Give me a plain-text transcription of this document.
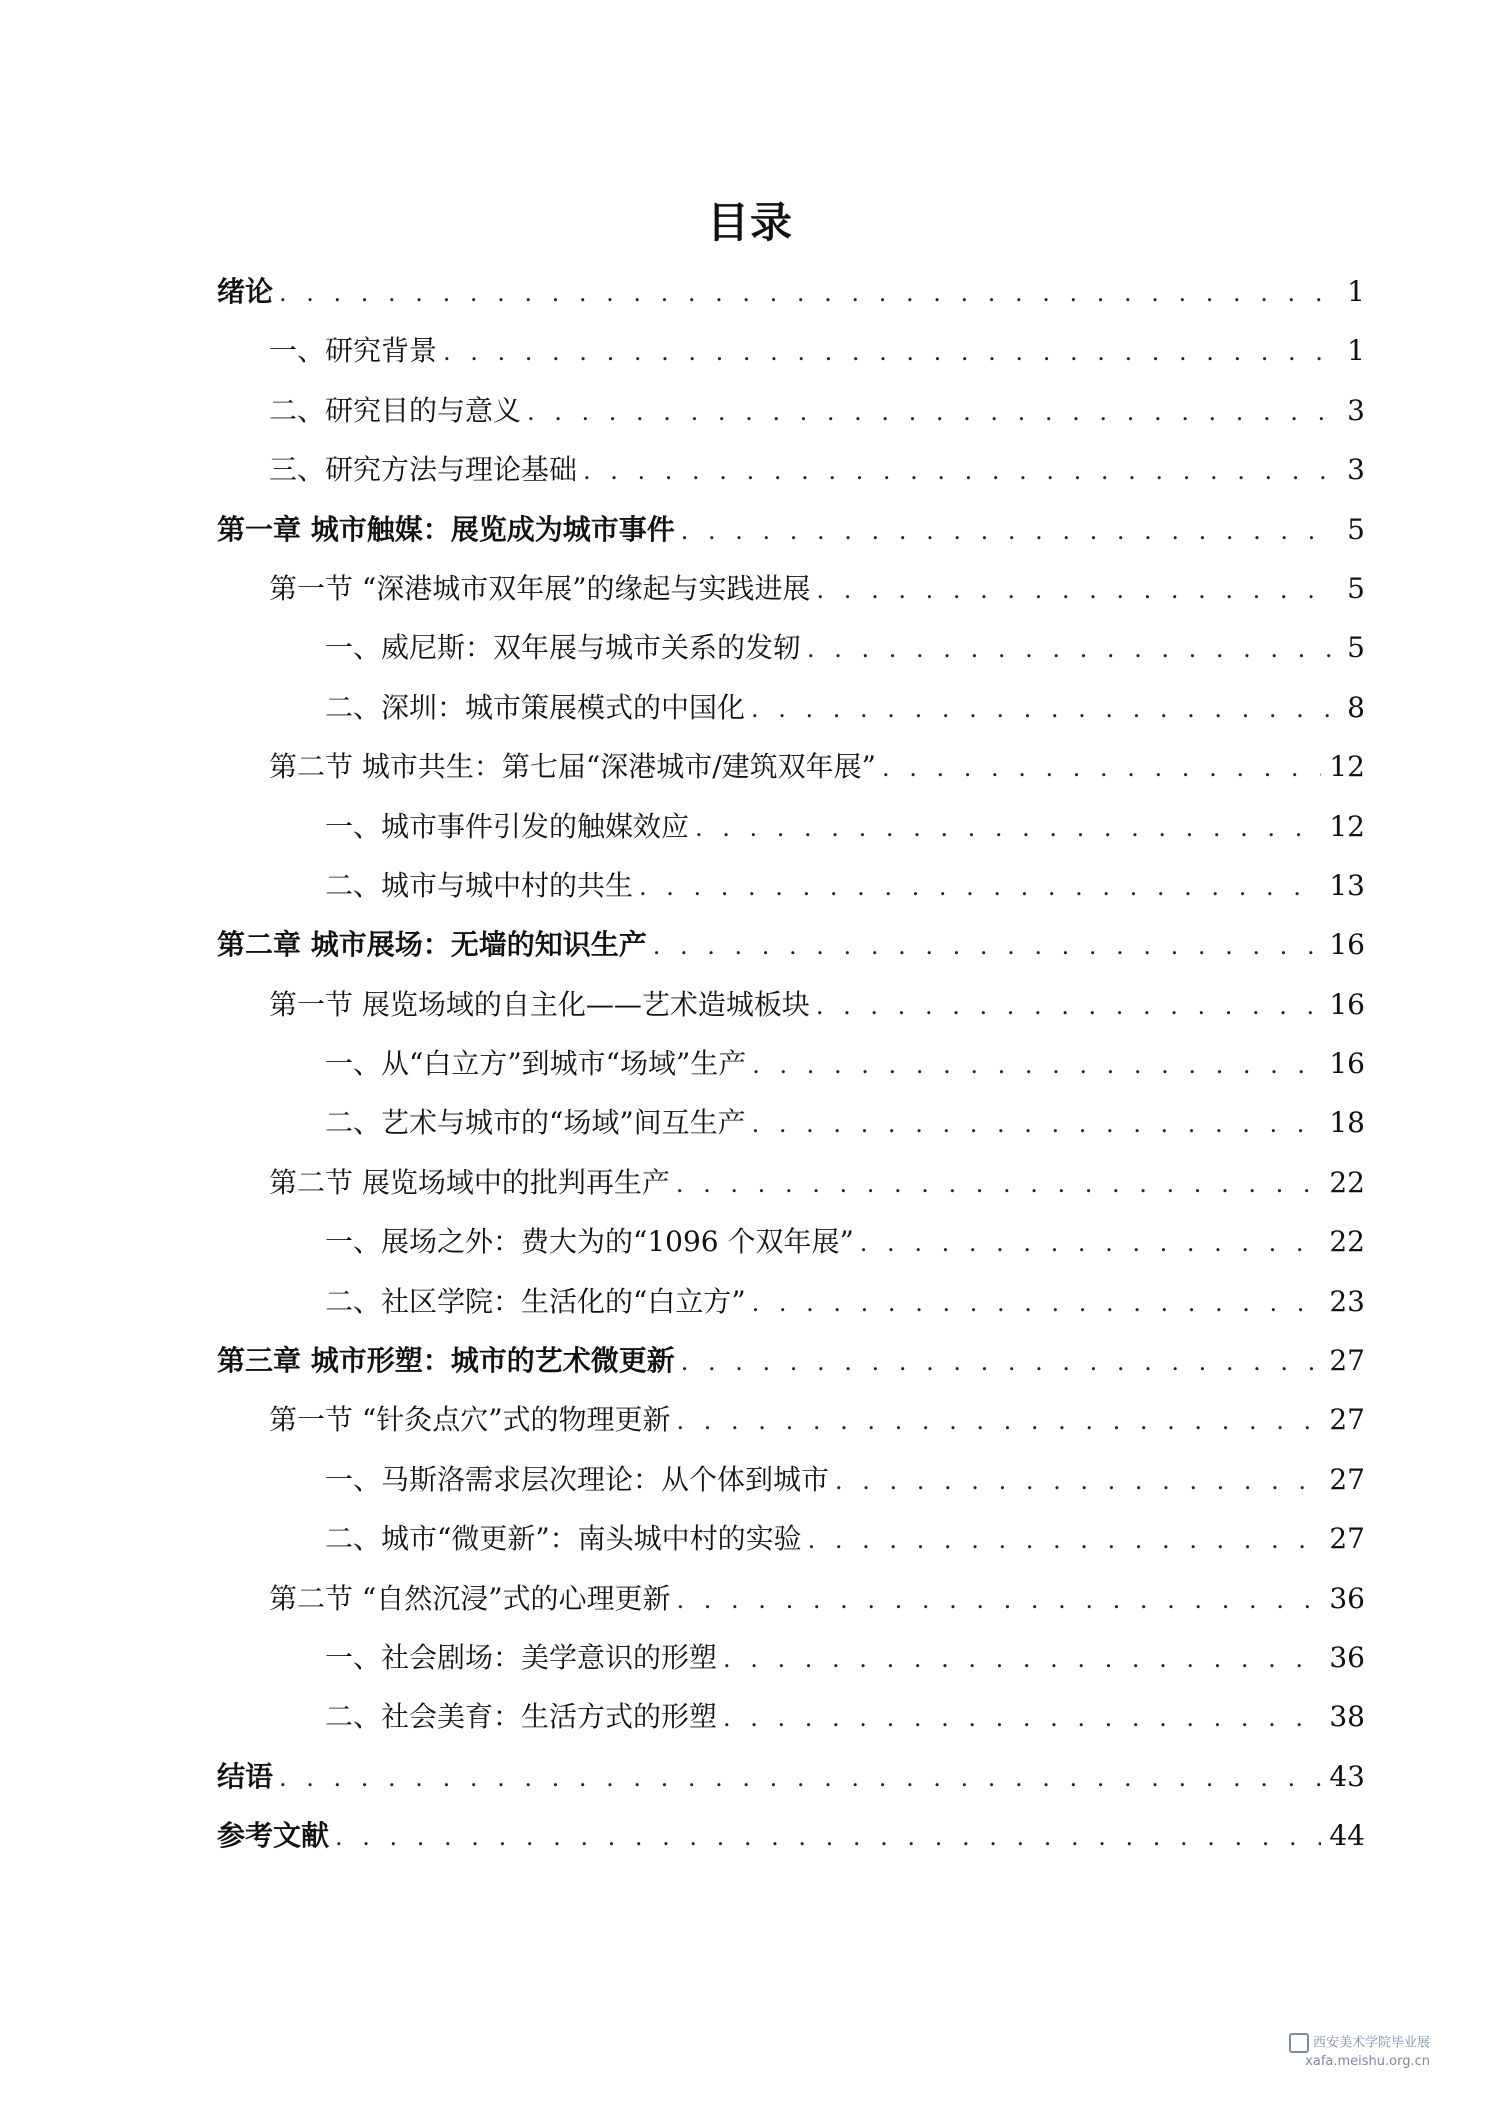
目录
绪论 . . .	1
一、研究背景 . . .	1
二、研究目的与意义 . . .	3
三、研究方法与理论基础 . . .	3
第一章 城市触媒：展览成为城市事件 . . .	5
第一节 “深港城市双年展”的缘起与实践进展 . . .	5
一、威尼斯：双年展与城市关系的发轫 . . .	5
二、深圳：城市策展模式的中国化 . . .	8
第二节 城市共生：第七届“深港城市/建筑双年展” . . .	12
一、城市事件引发的触媒效应 . . .	12
二、城市与城中村的共生 . . .	13
第二章 城市展场：无墙的知识生产 . . .	16
第一节 展览场域的自主化——艺术造城板块 . . .	16
一、从“白立方”到城市“场域”生产 . . .	16
二、艺术与城市的“场域”间互生产 . . .	18
第二节 展览场域中的批判再生产 . . .	22
一、展场之外：费大为的“1096 个双年展” . . .	22
二、社区学院：生活化的“白立方” . . .	23
第三章 城市形塑：城市的艺术微更新 . . .	27
第一节 “针灸点穴”式的物理更新 . . .	27
一、马斯洛需求层次理论：从个体到城市 . . .	27
二、城市“微更新”：南头城中村的实验 . . .	27
第二节 “自然沉浸”式的心理更新 . . .	36
一、社会剧场：美学意识的形塑 . . .	36
二、社会美育：生活方式的形塑 . . .	38
结语 . . .	43
参考文献 . . .	44
西安美术学院毕业展
xafa.meishu.org.cn
